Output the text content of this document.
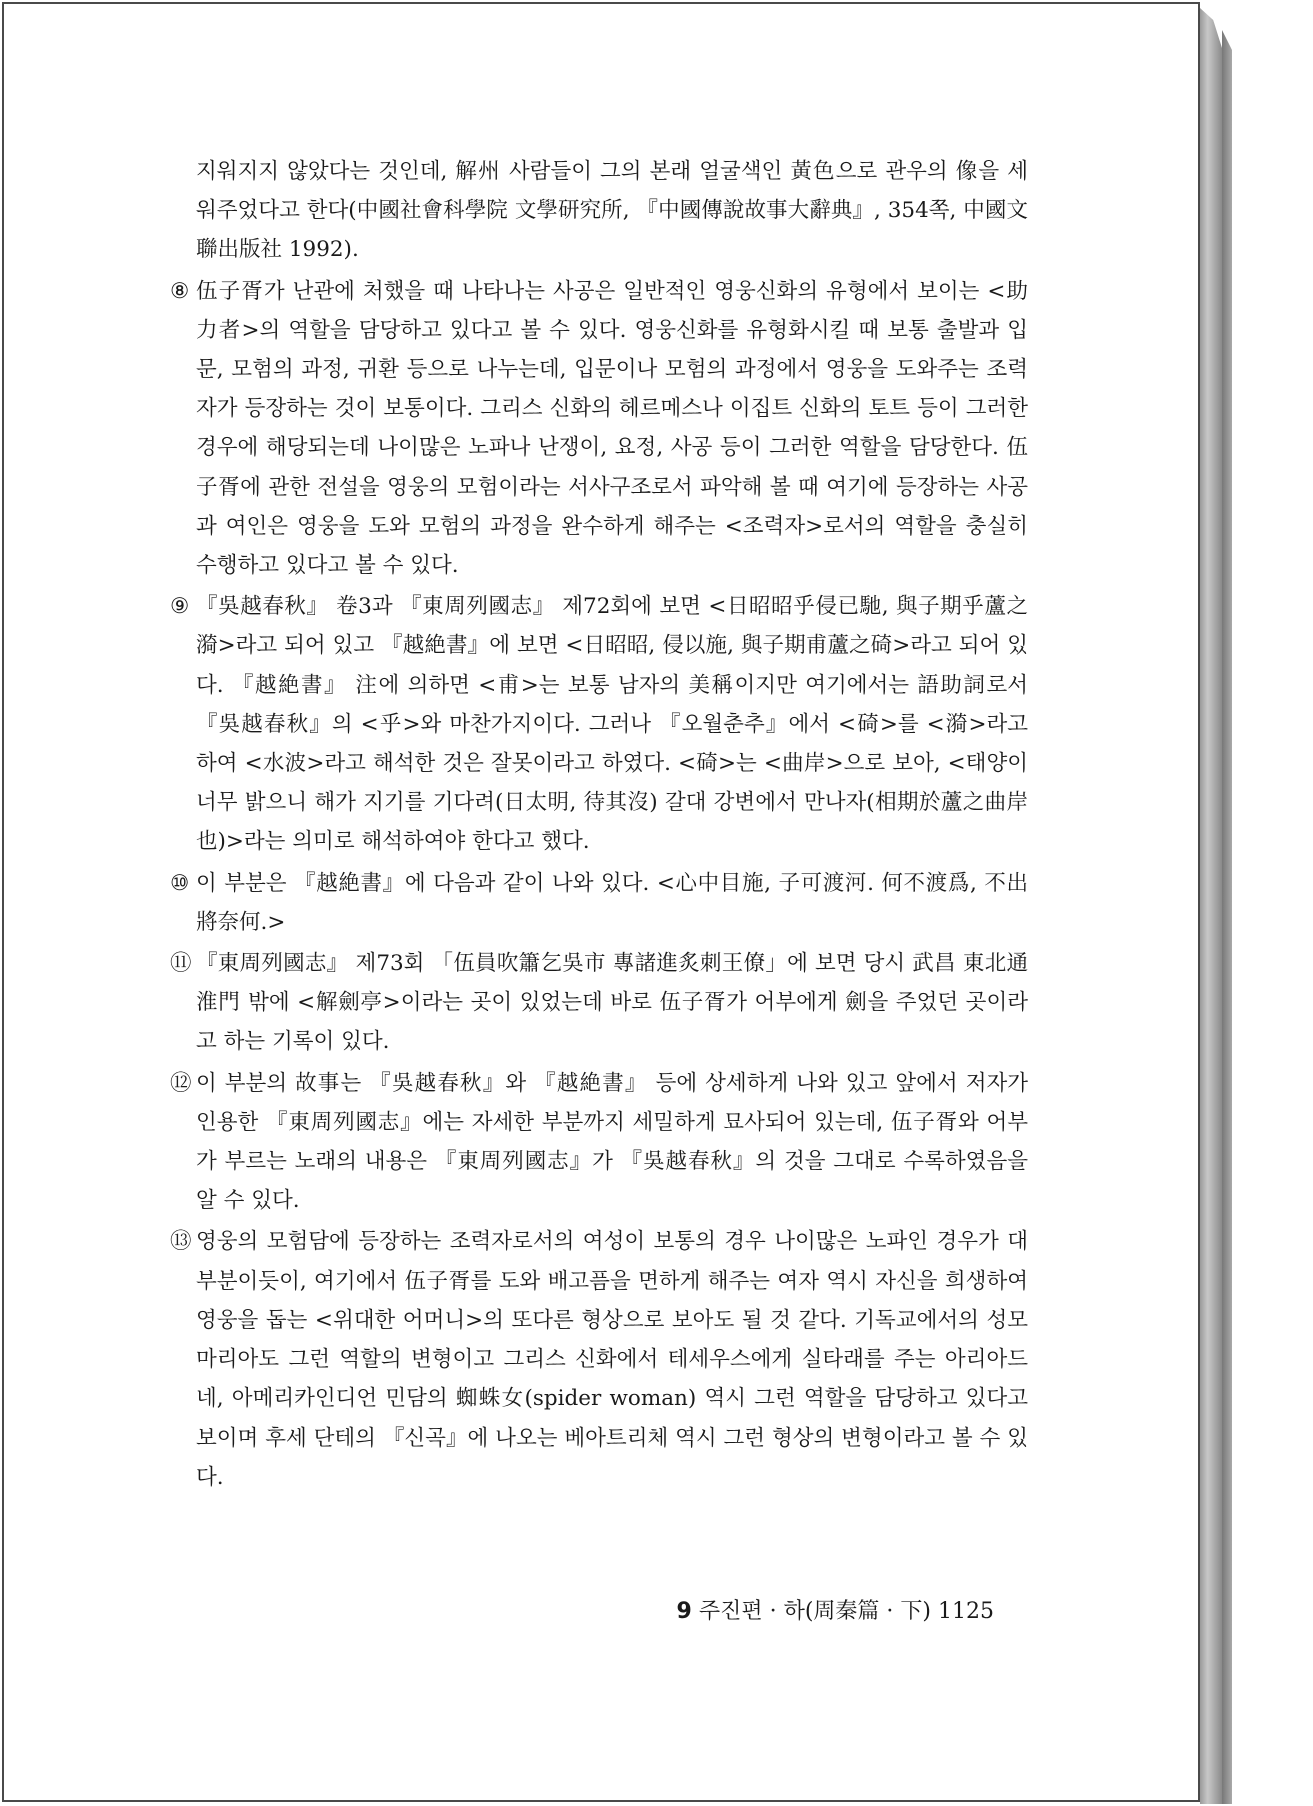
지워지지 않았다는 것인데, 解州 사람들이 그의 본래 얼굴색인 黃色으로 관우의 像을 세워주었다고 한다(中國社會科學院 文學研究所, 『中國傳說故事大辭典』, 354쪽, 中國文聯出版社 1992).
⑧ 伍子胥가 난관에 처했을 때 나타나는 사공은 일반적인 영웅신화의 유형에서 보이는 <助力者>의 역할을 담당하고 있다고 볼 수 있다. 영웅신화를 유형화시킬 때 보통 출발과 입문, 모험의 과정, 귀환 등으로 나누는데, 입문이나 모험의 과정에서 영웅을 도와주는 조력자가 등장하는 것이 보통이다. 그리스 신화의 헤르메스나 이집트 신화의 토트 등이 그러한 경우에 해당되는데 나이많은 노파나 난쟁이, 요정, 사공 등이 그러한 역할을 담당한다. 伍子胥에 관한 전설을 영웅의 모험이라는 서사구조로서 파악해 볼 때 여기에 등장하는 사공과 여인은 영웅을 도와 모험의 과정을 완수하게 해주는 <조력자>로서의 역할을 충실히 수행하고 있다고 볼 수 있다.
⑨ 『吳越春秋』 卷3과 『東周列國志』 제72회에 보면 <日昭昭乎侵已馳, 與子期乎蘆之漪>라고 되어 있고 『越絶書』에 보면 <日昭昭, 侵以施, 與子期甫蘆之碕>라고 되어 있다. 『越絶書』 注에 의하면 <甫>는 보통 남자의 美稱이지만 여기에서는 語助詞로서 『吳越春秋』의 <乎>와 마찬가지이다. 그러나 『오월춘추』에서 <碕>를 <漪>라고 하여 <水波>라고 해석한 것은 잘못이라고 하였다. <碕>는 <曲岸>으로 보아, <태양이 너무 밝으니 해가 지기를 기다려(日太明, 待其沒) 갈대 강변에서 만나자(相期於蘆之曲岸也)>라는 의미로 해석하여야 한다고 했다.
⑩ 이 부분은 『越絶書』에 다음과 같이 나와 있다. <心中目施, 子可渡河. 何不渡爲, 不出將奈何.>
⑪ 『東周列國志』 제73회 「伍員吹簫乞吳市 專諸進炙刺王僚」에 보면 당시 武昌 東北通淮門 밖에 <解劍亭>이라는 곳이 있었는데 바로 伍子胥가 어부에게 劍을 주었던 곳이라고 하는 기록이 있다.
⑫ 이 부분의 故事는 『吳越春秋』와 『越絶書』 등에 상세하게 나와 있고 앞에서 저자가 인용한 『東周列國志』에는 자세한 부분까지 세밀하게 묘사되어 있는데, 伍子胥와 어부가 부르는 노래의 내용은 『東周列國志』가 『吳越春秋』의 것을 그대로 수록하였음을 알 수 있다.
⑬ 영웅의 모험담에 등장하는 조력자로서의 여성이 보통의 경우 나이많은 노파인 경우가 대부분이듯이, 여기에서 伍子胥를 도와 배고픔을 면하게 해주는 여자 역시 자신을 희생하여 영웅을 돕는 <위대한 어머니>의 또다른 형상으로 보아도 될 것 같다. 기독교에서의 성모마리아도 그런 역할의 변형이고 그리스 신화에서 테세우스에게 실타래를 주는 아리아드네, 아메리카인디언 민담의 蜘蛛女(spider woman) 역시 그런 역할을 담당하고 있다고 보이며 후세 단테의 『신곡』에 나오는 베아트리체 역시 그런 형상의 변형이라고 볼 수 있다.
9 주진편 · 하(周秦篇 · 下) 1125
